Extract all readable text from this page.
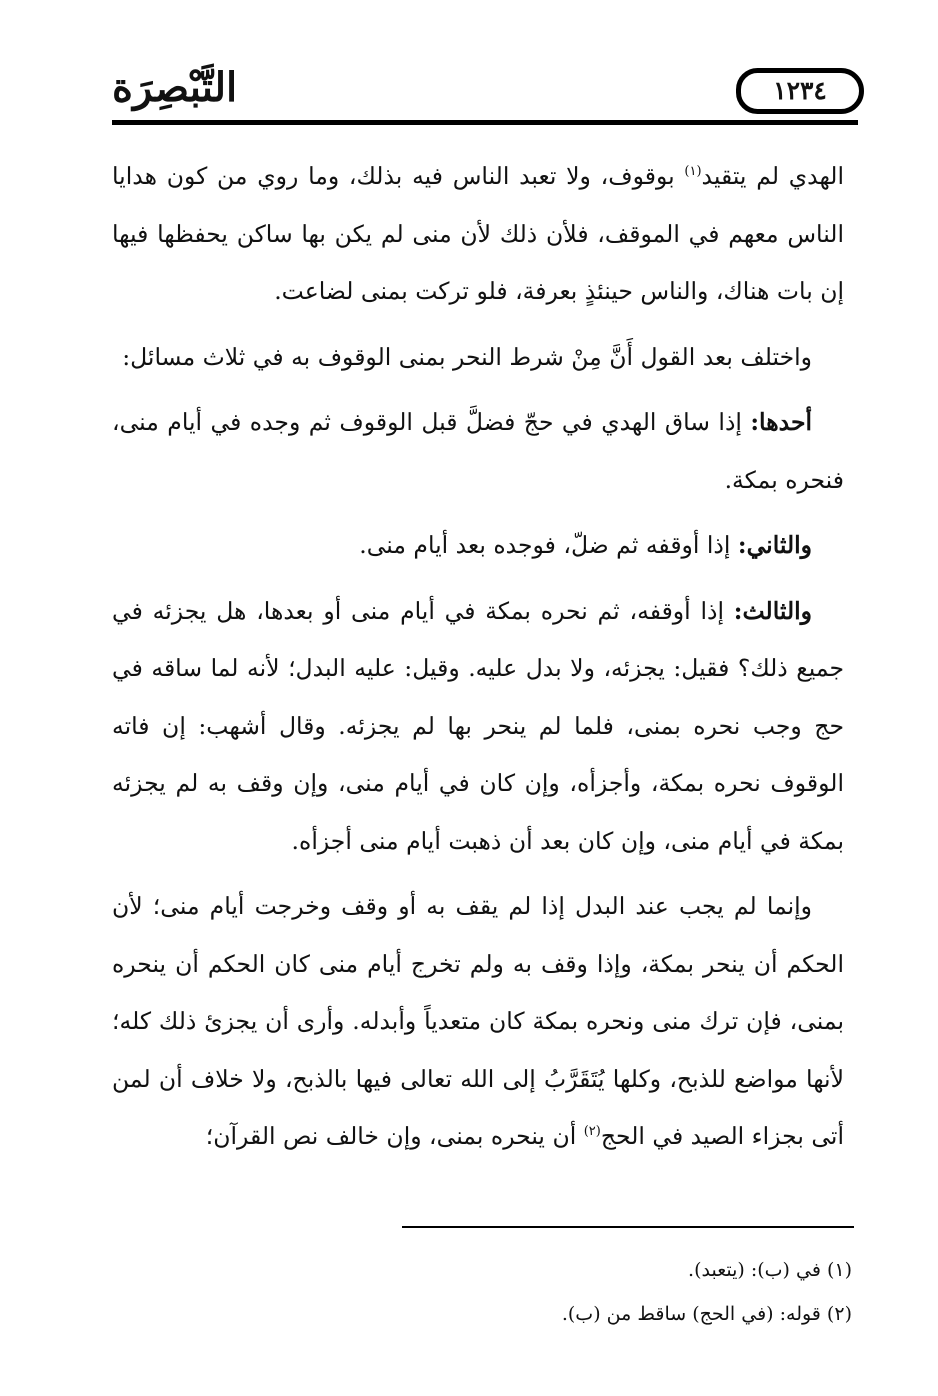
التَّبْصِرَة	١٢٣٤

الهدي لم يتقيد$^{(١)}$ بوقوف، ولا تعبد الناس فيه بذلك، وما روي من كون هدايا الناس معهم في الموقف، فلأن ذلك لأن منى لم يكن بها ساكن يحفظها فيها إن بات هناك، والناس حينئذٍ بعرفة، فلو تركت بمنى لضاعت.

واختلف بعد القول أَنَّ مِنْ شرط النحر بمنى الوقوف به في ثلاث مسائل:

أحدها: إذا ساق الهدي في حجّ فضلَّ قبل الوقوف ثم وجده في أيام منى، فنحره بمكة.

والثاني: إذا أوقفه ثم ضلّ، فوجده بعد أيام منى.

والثالث: إذا أوقفه، ثم نحره بمكة في أيام منى أو بعدها، هل يجزئه في جميع ذلك؟ فقيل: يجزئه، ولا بدل عليه. وقيل: عليه البدل؛ لأنه لما ساقه في حج وجب نحره بمنى، فلما لم ينحر بها لم يجزئه. وقال أشهب: إن فاته الوقوف نحره بمكة، وأجزأه، وإن كان في أيام منى، وإن وقف به لم يجزئه بمكة في أيام منى، وإن كان بعد أن ذهبت أيام منى أجزأه.

وإنما لم يجب عند البدل إذا لم يقف به أو وقف وخرجت أيام منى؛ لأن الحكم أن ينحر بمكة، وإذا وقف به ولم تخرج أيام منى كان الحكم أن ينحره بمنى، فإن ترك منى ونحره بمكة كان متعدياً وأبدله. وأرى أن يجزئ ذلك كله؛ لأنها مواضع للذبح، وكلها يُتَقَرَّبُ إلى الله تعالى فيها بالذبح، ولا خلاف أن لمن أتى بجزاء الصيد في الحج$^{(٢)}$ أن ينحره بمنى، وإن خالف نص القرآن؛

(١) في (ب): (يتعبد).

(٢) قوله: (في الحج) ساقط من (ب).
